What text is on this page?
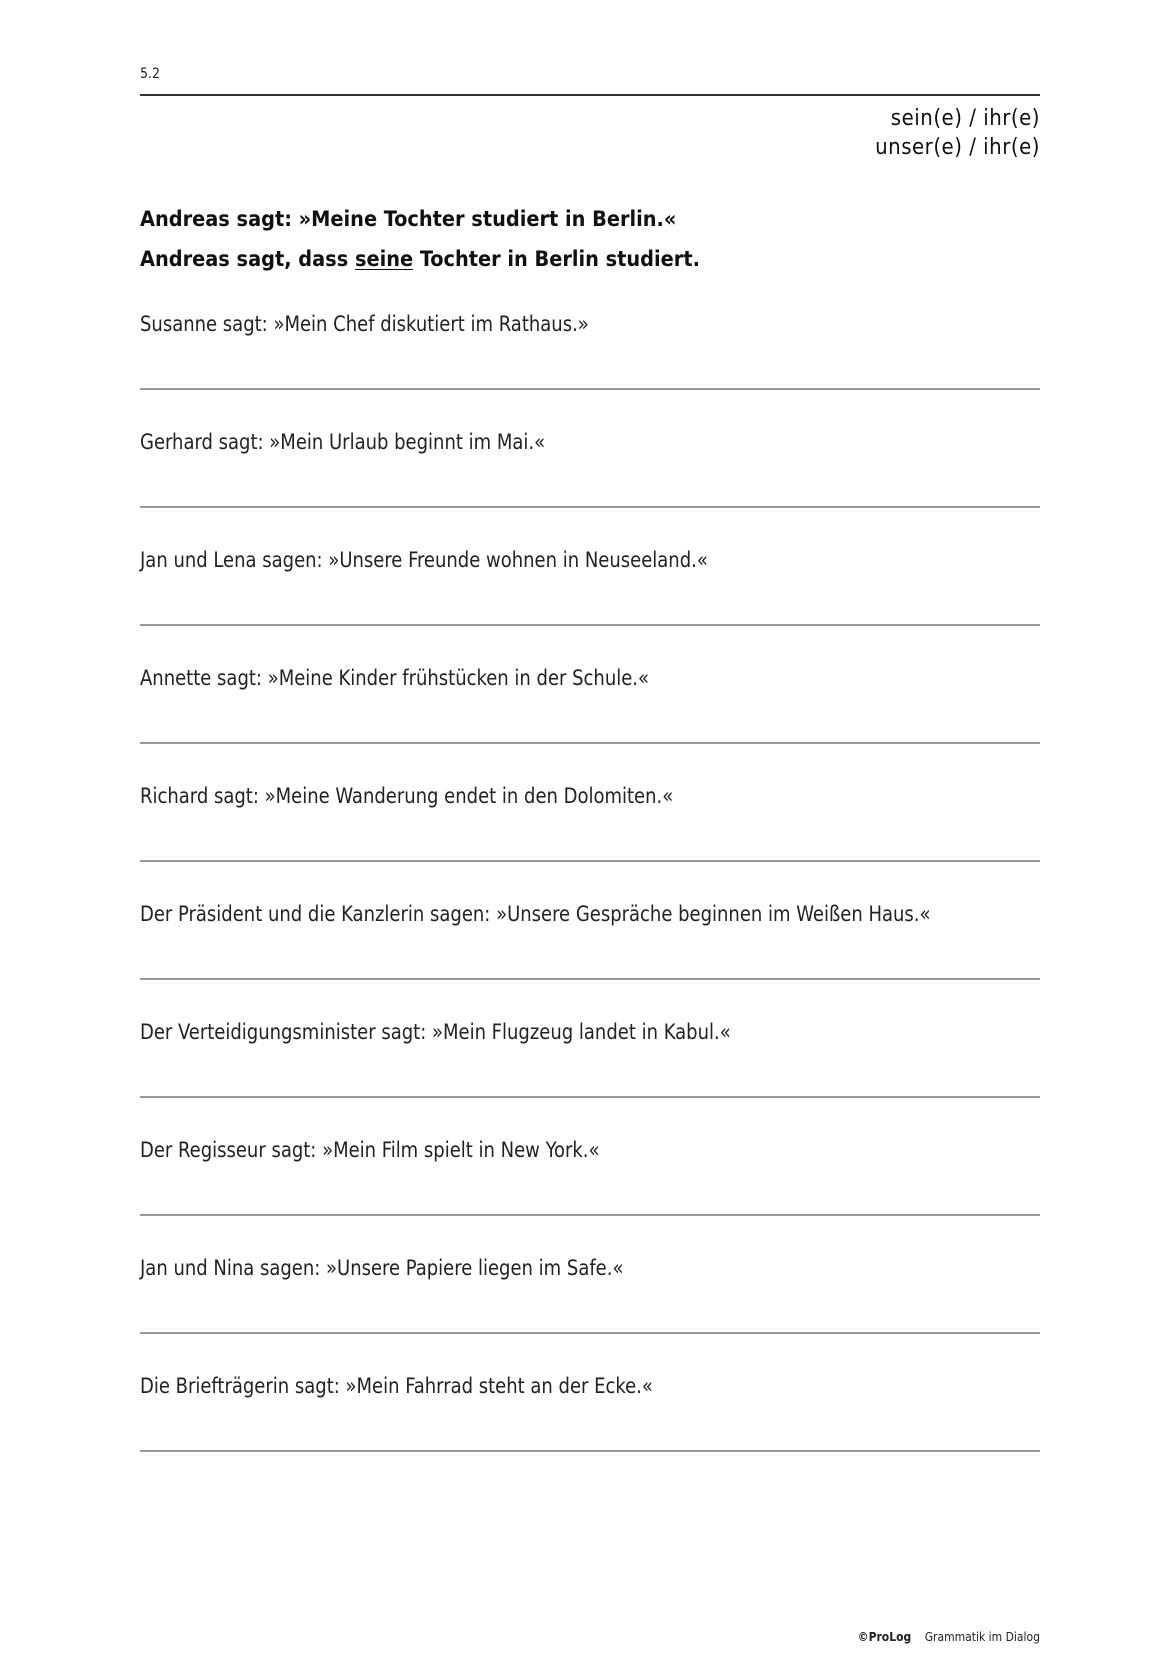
5.2
sein(e) / ihr(e)
unser(e) / ihr(e)
Andreas sagt: »Meine Tochter studiert in Berlin.«
Andreas sagt, dass seine Tochter in Berlin studiert.
Susanne sagt: »Mein Chef diskutiert im Rathaus.»
Gerhard sagt: »Mein Urlaub beginnt im Mai.«
Jan und Lena sagen: »Unsere Freunde wohnen in Neuseeland.«
Annette sagt: »Meine Kinder frühstücken in der Schule.«
Richard sagt: »Meine Wanderung endet in den Dolomiten.«
Der Präsident und die Kanzlerin sagen: »Unsere Gespräche beginnen im Weißen Haus.«
Der Verteidigungsminister sagt: »Mein Flugzeug landet in Kabul.«
Der Regisseur sagt: »Mein Film spielt in New York.«
Jan und Nina sagen: »Unsere Papiere liegen im Safe.«
Die Briefträgerin sagt: »Mein Fahrrad steht an der Ecke.«
©ProLog Grammatik im Dialog
